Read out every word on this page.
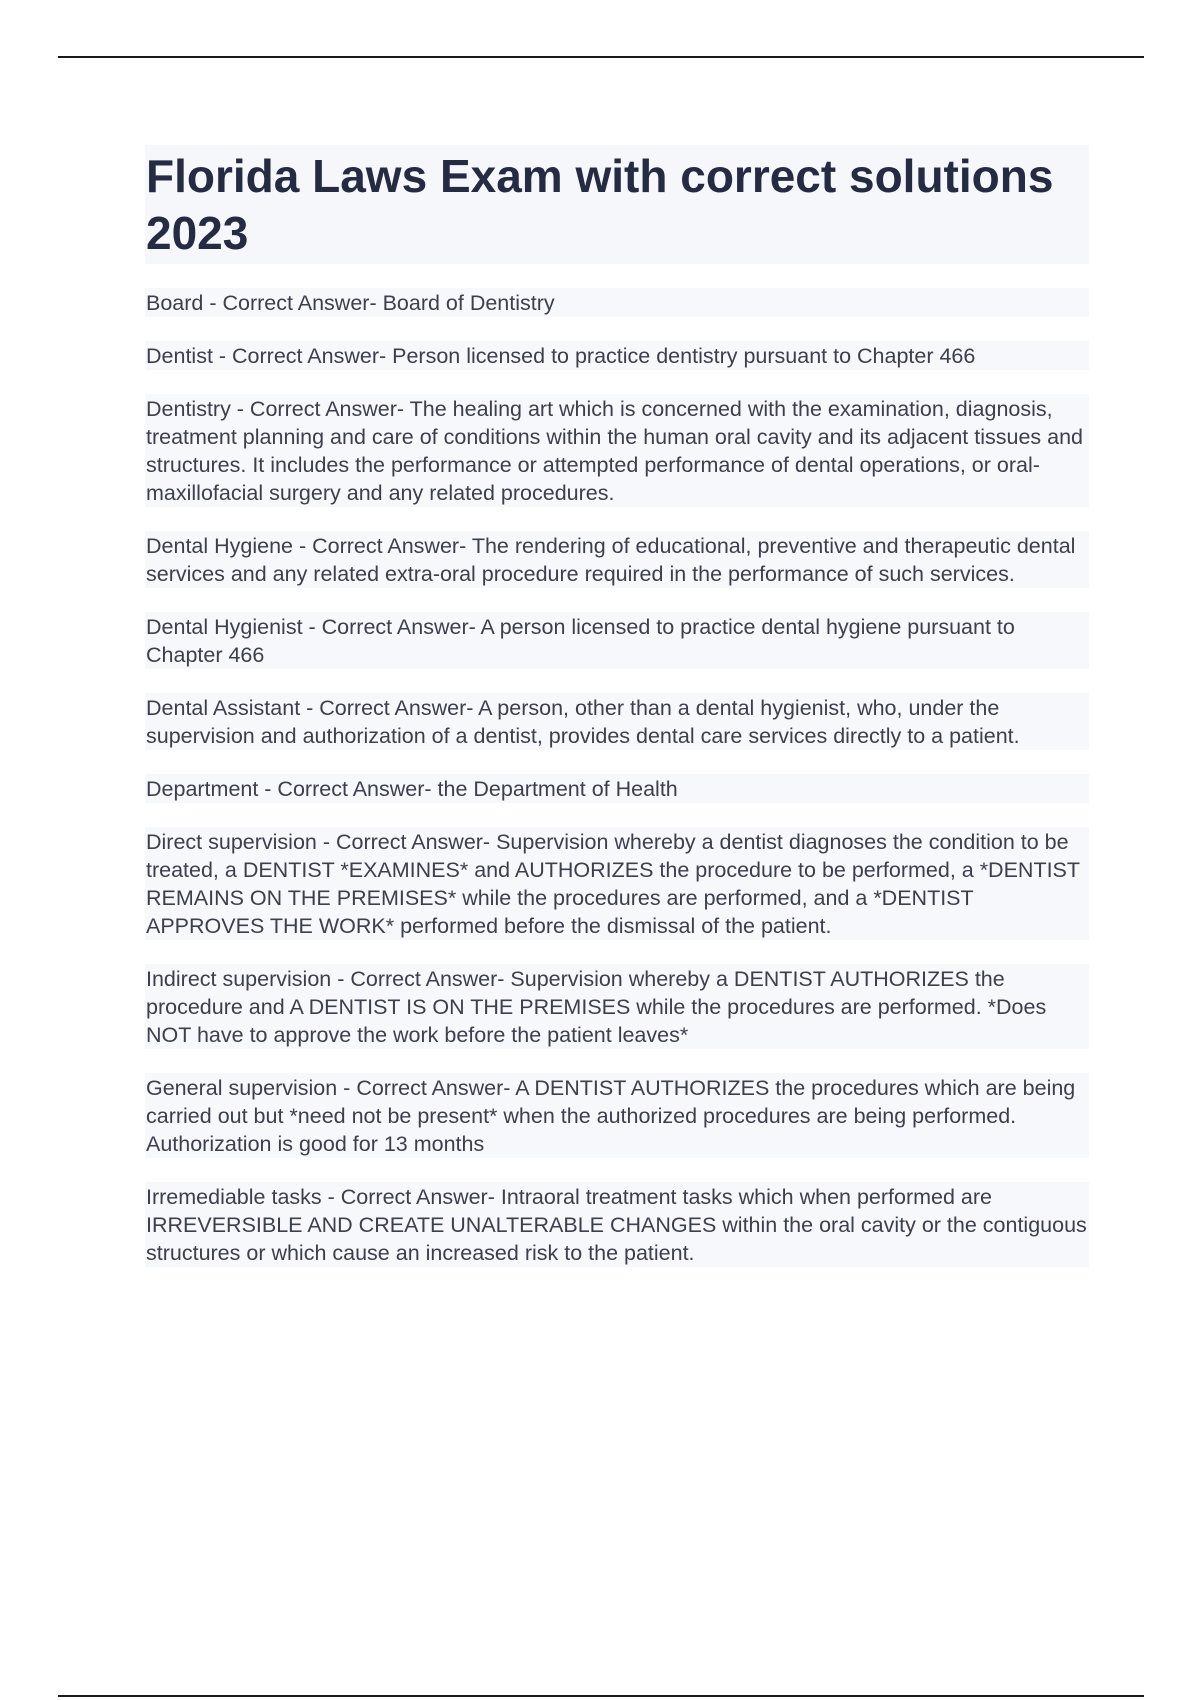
Florida Laws Exam with correct solutions 2023

Board - Correct Answer- Board of Dentistry

Dentist - Correct Answer- Person licensed to practice dentistry pursuant to Chapter 466

Dentistry - Correct Answer- The healing art which is concerned with the examination, diagnosis, treatment planning and care of conditions within the human oral cavity and its adjacent tissues and structures. It includes the performance or attempted performance of dental operations, or oral-maxillofacial surgery and any related procedures.

Dental Hygiene - Correct Answer- The rendering of educational, preventive and therapeutic dental services and any related extra-oral procedure required in the performance of such services.

Dental Hygienist - Correct Answer- A person licensed to practice dental hygiene pursuant to Chapter 466

Dental Assistant - Correct Answer- A person, other than a dental hygienist, who, under the supervision and authorization of a dentist, provides dental care services directly to a patient.

Department - Correct Answer- the Department of Health

Direct supervision - Correct Answer- Supervision whereby a dentist diagnoses the condition to be treated, a DENTIST *EXAMINES* and AUTHORIZES the procedure to be performed, a *DENTIST REMAINS ON THE PREMISES* while the procedures are performed, and a *DENTIST APPROVES THE WORK* performed before the dismissal of the patient.

Indirect supervision - Correct Answer- Supervision whereby a DENTIST AUTHORIZES the procedure and A DENTIST IS ON THE PREMISES while the procedures are performed. *Does NOT have to approve the work before the patient leaves*

General supervision - Correct Answer- A DENTIST AUTHORIZES the procedures which are being carried out but *need not be present* when the authorized procedures are being performed. Authorization is good for 13 months

Irremediable tasks - Correct Answer- Intraoral treatment tasks which when performed are IRREVERSIBLE AND CREATE UNALTERABLE CHANGES within the oral cavity or the contiguous structures or which cause an increased risk to the patient.
